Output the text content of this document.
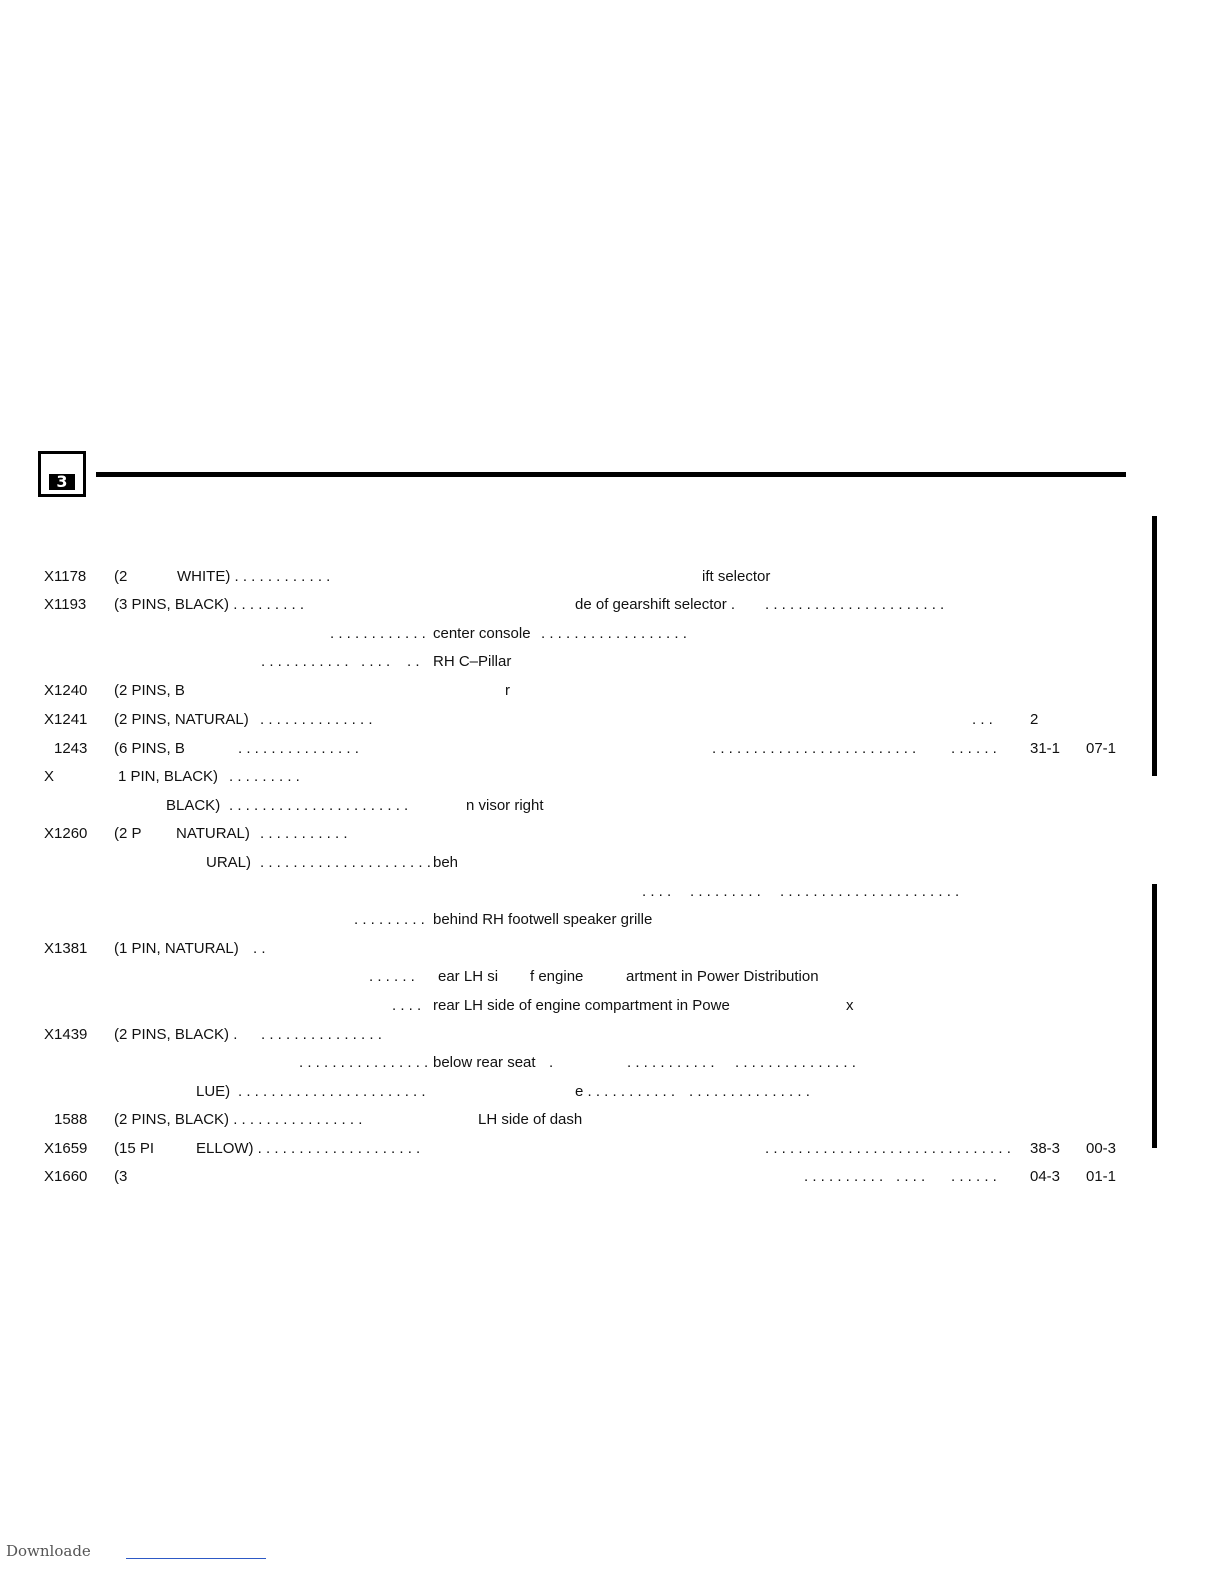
3
X1178 (2	WHITE) . . . . . . . . . . . .	ift selector
X1193 (3 PINS, BLACK) . . . . . . . . .	de of gearshift selector . . . . . . . . . . . . . . . . . . . . . . .
. . . . . . . . . . . . center console . . . . . . . . . . . . . . . . . .
. . . . . . . . . . . . . . . . . RH C–Pillar
X1240 (2 PINS, B	r
X1241 (2 PINS, NATURAL) . . . . . . . . . . . . . .	. . . 2
1243 (6 PINS, B	. . . . . . . . . . . . . . .	. . . . . . . . . . . . . . . . . . . . . . . . . . . . . . . 31-1 07-1
X	1 PIN, BLACK) . . . . . . . . .
BLACK) . . . . . . . . . . . . . . . . . . . . . .	n visor right
X1260 (2 P NATURAL) . . . . . . . . . . .
URAL) . . . . . . . . . . . . . . . . . . . . . beh
. . . . . . . . . . . . . . . . . . . . . . . . . . . . . . . . . . .
. . . . . . . . . behind RH footwell speaker grille
X1381 (1 PIN, NATURAL) . .
. . . . . . ear LH si f engine	artment in Power Distribution
. . . . rear LH side of engine compartment in Powe	x
X1439 (2 PINS, BLACK) . . . . . . . . . . . . . . . .
. . . . . . . . . . . . . . . . below rear seat .	. . . . . . . . . . . . . . . . . . . . . . . . . .
LUE) . . . . . . . . . . . . . . . . . . . . . . .	e . . . . . . . . . . . . . . . . . . . . . . . . . .
1588 (2 PINS, BLACK) . . . . . . . . . . . . . . . .	LH side of dash
X1659 (15 PI	ELLOW) . . . . . . . . . . . . . . . . . . . .	. . . . . . . . . . . . . . . . . . . . . . . . . . . . . . 38-3 00-3
X1660 (3	. . . . . . . . . . . . . . . . . . . . 04-3 01-1
Downloade
